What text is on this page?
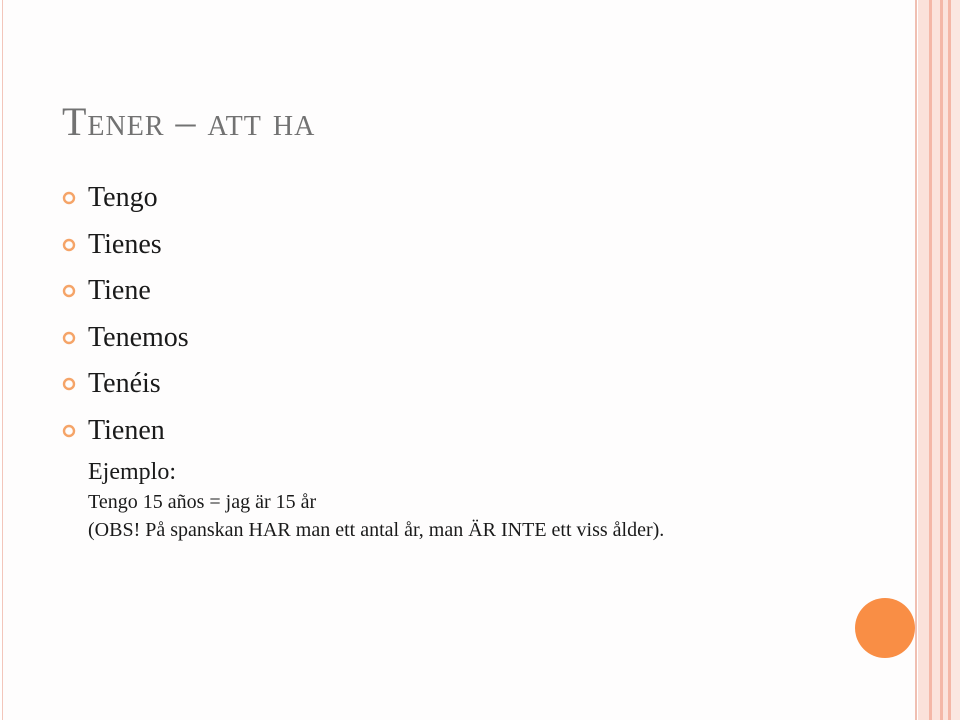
Tener – att ha
Tengo
Tienes
Tiene
Tenemos
Tenéis
Tienen
Ejemplo:
Tengo 15 años = jag är 15 år
(OBS! På spanskan HAR man ett antal år, man ÄR INTE ett viss ålder).
